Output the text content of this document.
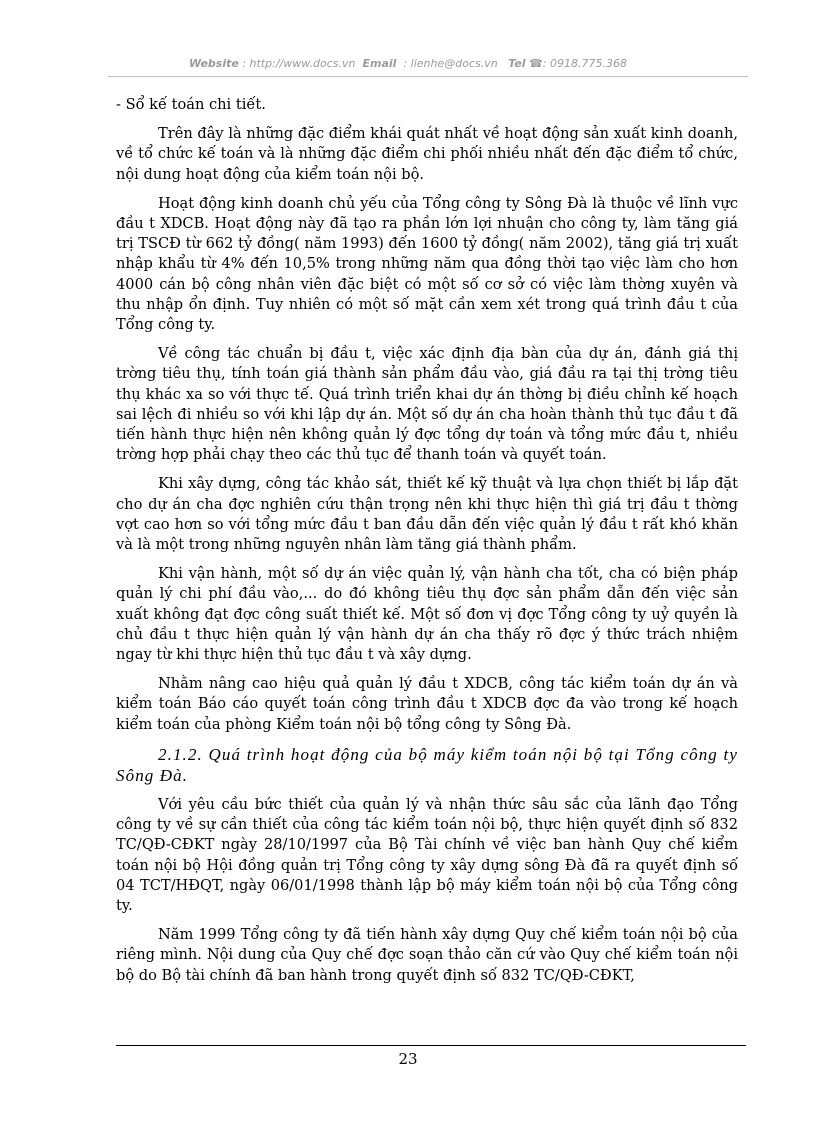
Website : http://www.docs.vn Email : lienhe@docs.vn Tel ☎: 0918.775.368

- Sổ kế toán chi tiết.

Trên đây là những đặc điểm khái quát nhất về hoạt động sản xuất kinh doanh, về tổ chức kế toán và là những đặc điểm chi phối nhiều nhất đến đặc điểm tổ chức, nội dung hoạt động của kiểm toán nội bộ.

Hoạt động kinh doanh chủ yếu của Tổng công ty Sông Đà là thuộc về lĩnh vực đầu t XDCB. Hoạt động này đã tạo ra phần lớn lợi nhuận cho công ty, làm tăng giá trị TSCĐ từ 662 tỷ đồng( năm 1993) đến 1600 tỷ đồng( năm 2002), tăng giá trị xuất nhập khẩu từ 4% đến 10,5% trong những năm qua đồng thời tạo việc làm cho hơn 4000 cán bộ công nhân viên đặc biệt có một số cơ sở có việc làm thờng xuyên và thu nhập ổn định. Tuy nhiên có một số mặt cần xem xét trong quá trình đầu t của Tổng công ty.

Về công tác chuẩn bị đầu t, việc xác định địa bàn của dự án, đánh giá thị trờng tiêu thụ, tính toán giá thành sản phẩm đầu vào, giá đầu ra tại thị trờng tiêu thụ khác xa so với thực tế. Quá trình triển khai dự án thờng bị điều chỉnh kế hoạch sai lệch đi nhiều so với khi lập dự án. Một số dự án cha hoàn thành thủ tục đầu t đã tiến hành thực hiện nên không quản lý đợc tổng dự toán và tổng mức đầu t, nhiều trờng hợp phải chạy theo các thủ tục để thanh toán và quyết toán.

Khi xây dựng, công tác khảo sát, thiết kế kỹ thuật và lựa chọn thiết bị lắp đặt cho dự án cha đợc nghiên cứu thận trọng nên khi thực hiện thì giá trị đầu t thờng vợt cao hơn so với tổng mức đầu t ban đầu dẫn đến việc quản lý đầu t rất khó khăn và là một trong những nguyên nhân làm tăng giá thành phẩm.

Khi vận hành, một số dự án việc quản lý, vận hành cha tốt, cha có biện pháp quản lý chi phí đầu vào,... do đó không tiêu thụ đợc sản phẩm dẫn đến việc sản xuất không đạt đợc công suất thiết kế. Một số đơn vị đợc Tổng công ty uỷ quyền là chủ đầu t thực hiện quản lý vận hành dự án cha thấy rõ đợc ý thức trách nhiệm ngay từ khi thực hiện thủ tục đầu t và xây dựng.

Nhằm nâng cao hiệu quả quản lý đầu t XDCB, công tác kiểm toán dự án và kiểm toán Báo cáo quyết toán công trình đầu t XDCB đợc đa vào trong kế hoạch kiểm toán của phòng Kiểm toán nội bộ tổng công ty Sông Đà.

2.1.2. Quá trình hoạt động của bộ máy kiểm toán nội bộ tại Tổng công ty Sông Đà.

Với yêu cầu bức thiết của quản lý và nhận thức sâu sắc của lãnh đạo Tổng công ty về sự cần thiết của công tác kiểm toán nội bộ, thực hiện quyết định số 832 TC/QĐ-CĐKT ngày 28/10/1997 của Bộ Tài chính về việc ban hành Quy chế kiểm toán nội bộ Hội đồng quản trị Tổng công ty xây dựng sông Đà đã ra quyết định số 04 TCT/HĐQT, ngày 06/01/1998 thành lập bộ máy kiểm toán nội bộ của Tổng công ty.

Năm 1999 Tổng công ty đã tiến hành xây dựng Quy chế kiểm toán nội bộ của riêng mình. Nội dung của Quy chế đợc soạn thảo căn cứ vào Quy chế kiểm toán nội bộ do Bộ tài chính đã ban hành trong quyết định số 832 TC/QĐ-CĐKT,

23
